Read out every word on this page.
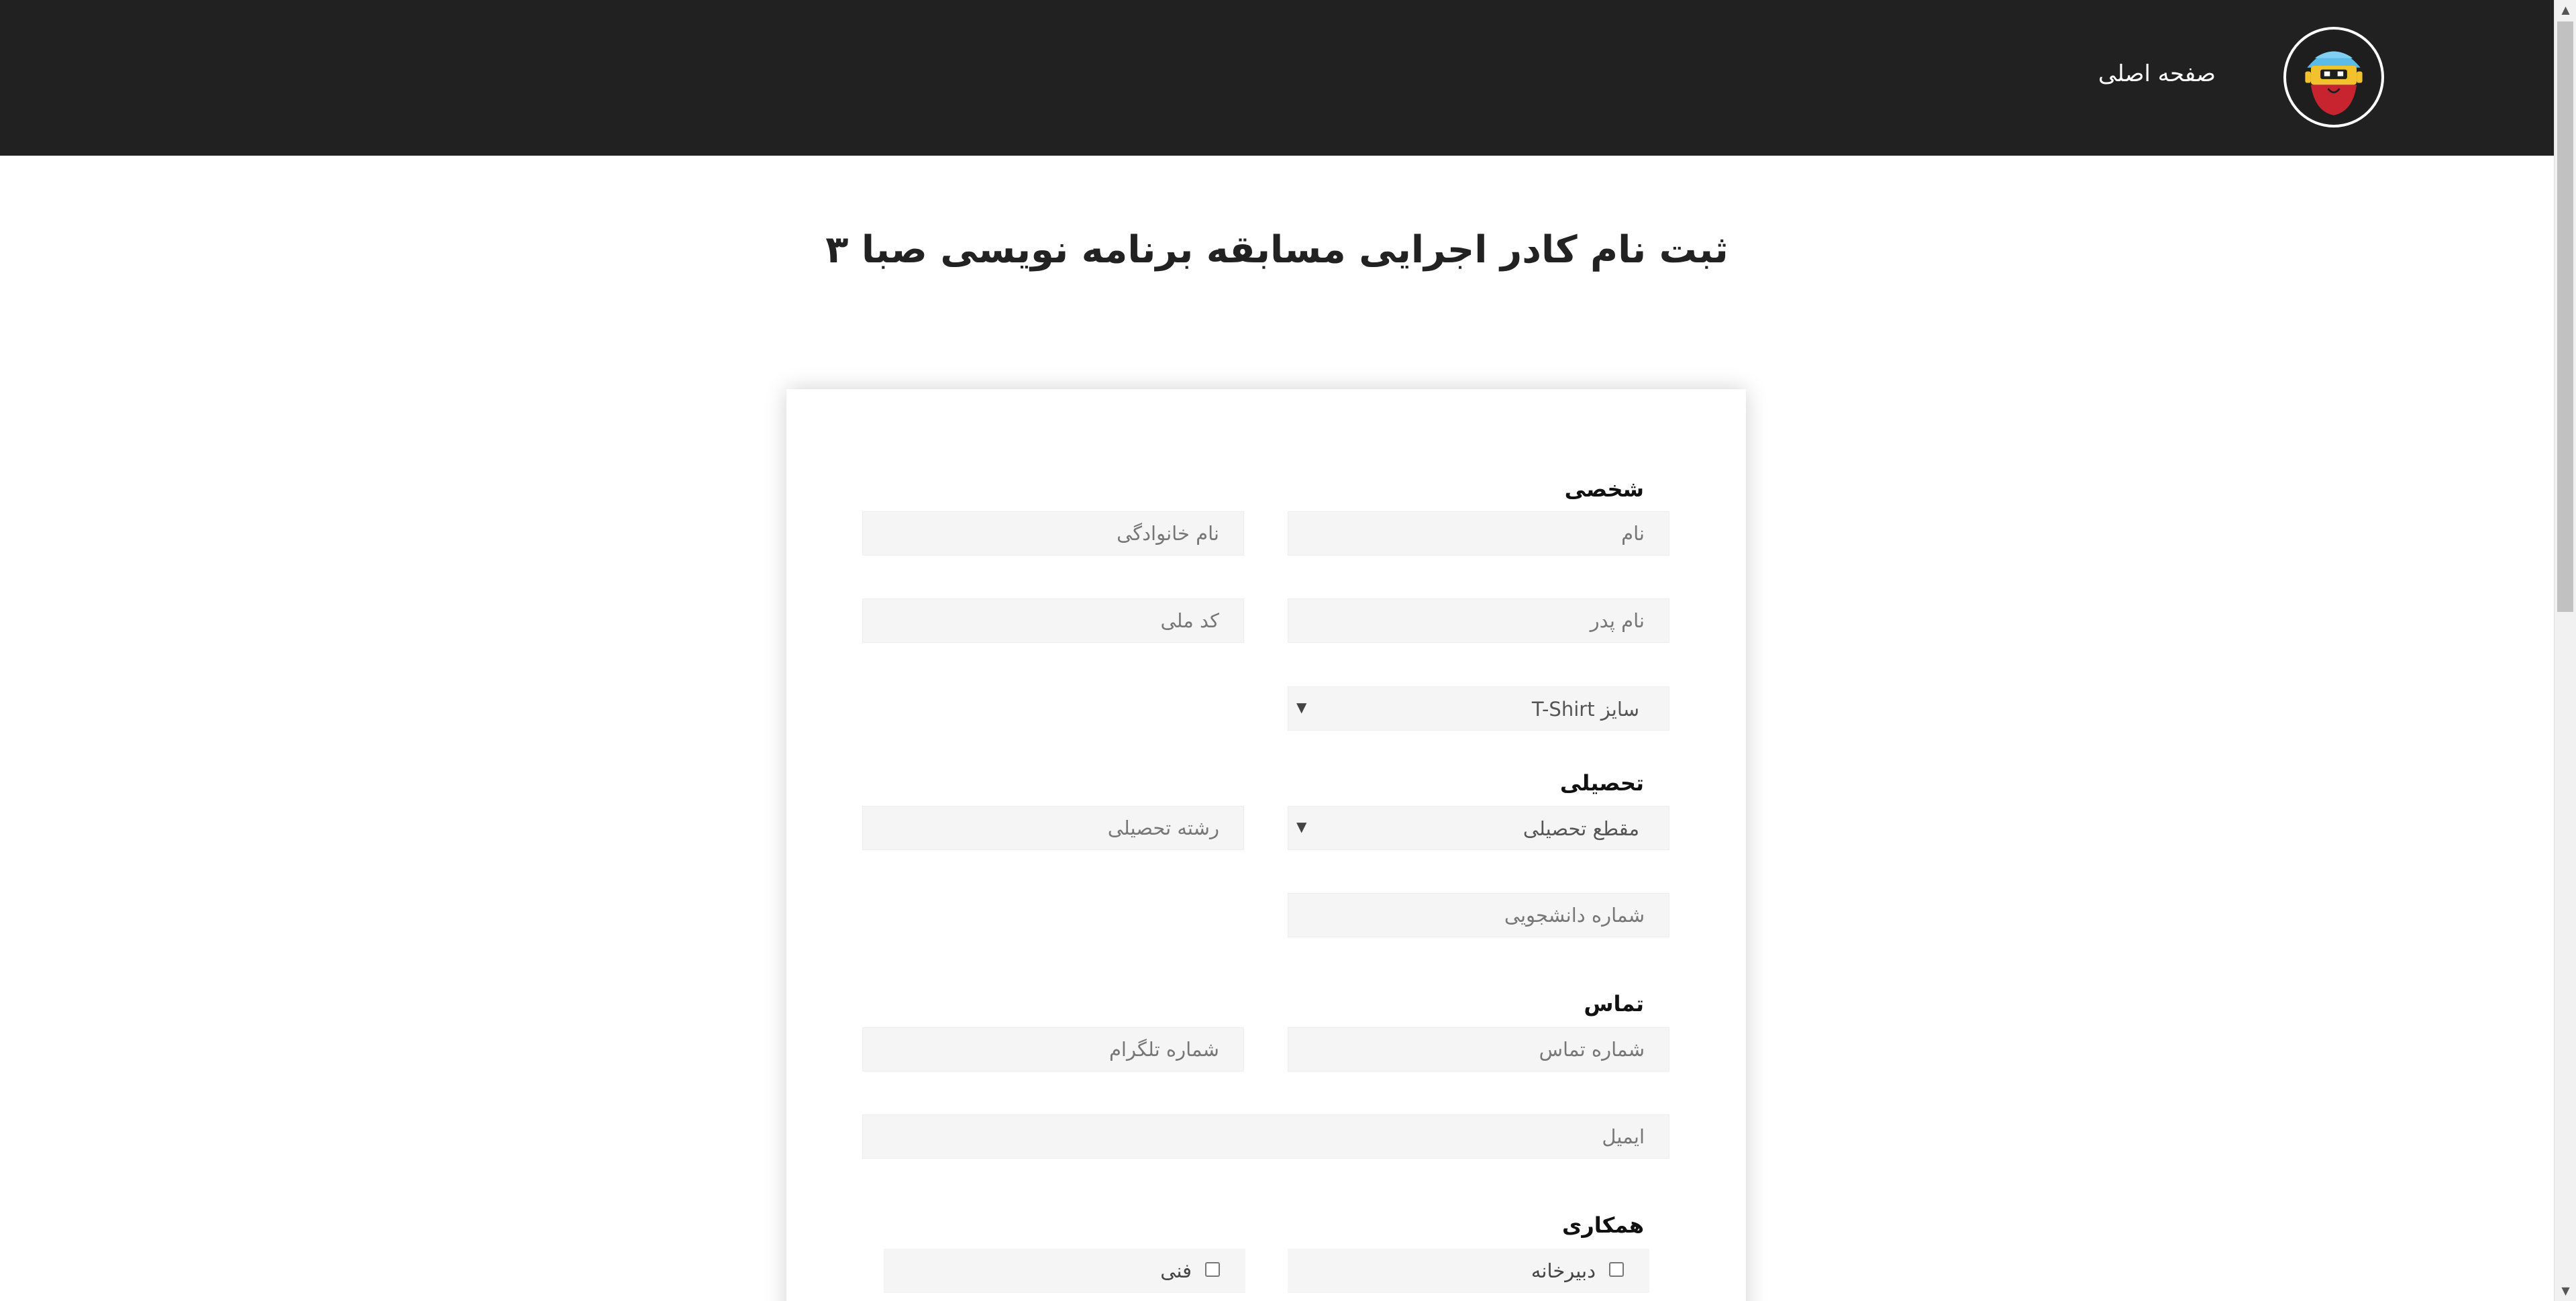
صفحه اصلی
ثبت نام کادر اجرایی مسابقه برنامه نویسی صبا ۳
شخصی
نام
نام خانوادگی
نام پدر
کد ملی
سایز T-Shirt
▼
تحصیلی
مقطع تحصیلی
▼
رشته تحصیلی
شماره دانشجویی
تماس
شماره تماس
شماره تلگرام
ایمیل
همکاری
دبیرخانه
فنی
▲
▼
